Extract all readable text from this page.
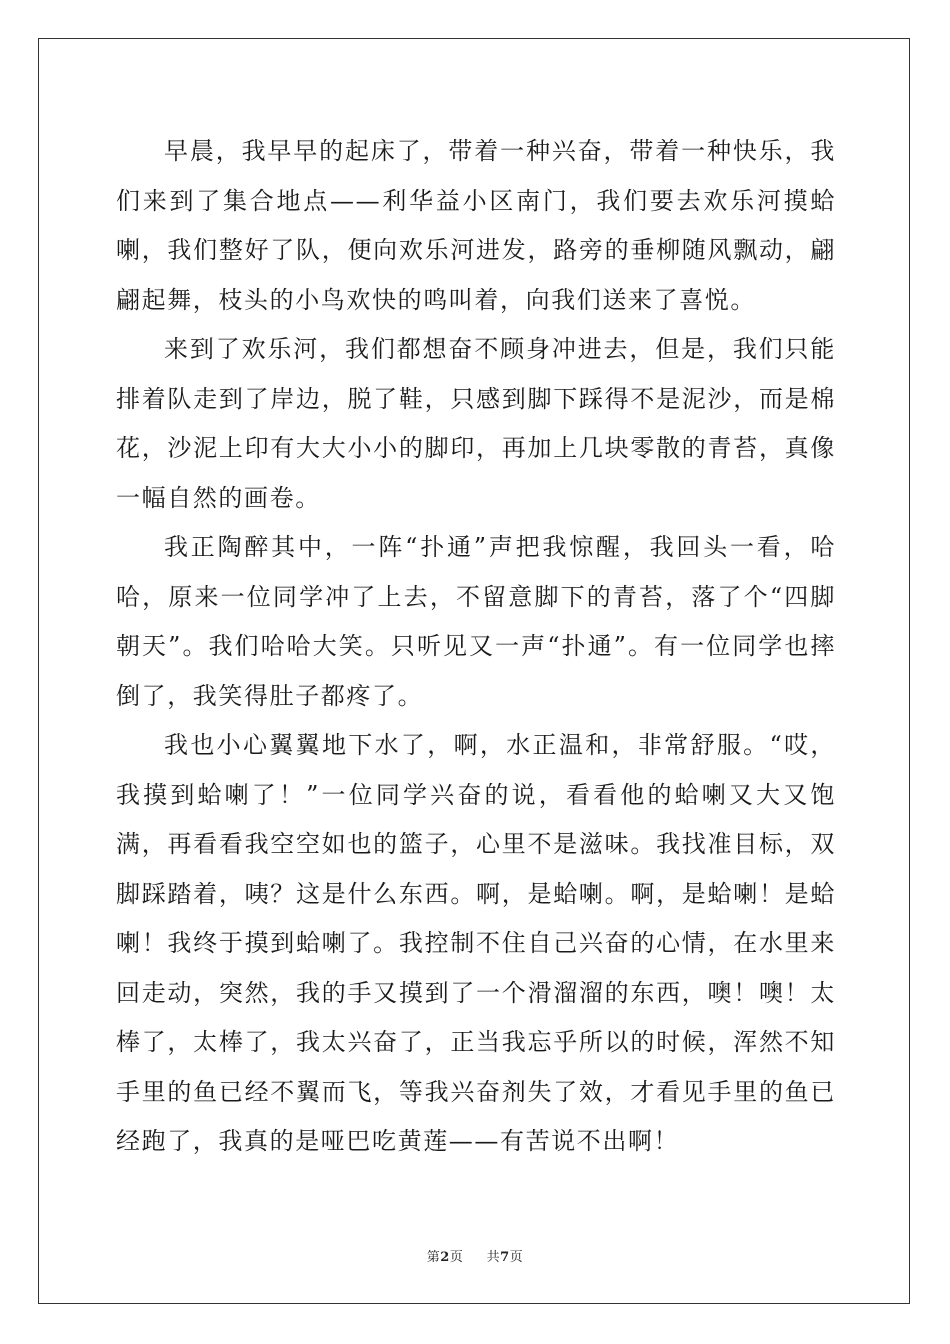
早晨，我早早的起床了，带着一种兴奋，带着一种快乐，我们来到了集合地点——利华益小区南门，我们要去欢乐河摸蛤喇，我们整好了队，便向欢乐河进发，路旁的垂柳随风飘动，翩翩起舞，枝头的小鸟欢快的鸣叫着，向我们送来了喜悦。

来到了欢乐河，我们都想奋不顾身冲进去，但是，我们只能排着队走到了岸边，脱了鞋，只感到脚下踩得不是泥沙，而是棉花，沙泥上印有大大小小的脚印，再加上几块零散的青苔，真像一幅自然的画卷。

我正陶醉其中，一阵“扑通”声把我惊醒，我回头一看，哈哈，原来一位同学冲了上去，不留意脚下的青苔，落了个“四脚朝天”。我们哈哈大笑。只听见又一声“扑通”。有一位同学也摔倒了，我笑得肚子都疼了。

我也小心翼翼地下水了，啊，水正温和，非常舒服。“哎，我摸到蛤喇了！”一位同学兴奋的说，看看他的蛤喇又大又饱满，再看看我空空如也的篮子，心里不是滋味。我找准目标，双脚踩踏着，咦？这是什么东西。啊，是蛤喇。啊，是蛤喇！是蛤喇！我终于摸到蛤喇了。我控制不住自己兴奋的心情，在水里来回走动，突然，我的手又摸到了一个滑溜溜的东西，噢！噢！太棒了，太棒了，我太兴奋了，正当我忘乎所以的时候，浑然不知手里的鱼已经不翼而飞，等我兴奋剂失了效，才看见手里的鱼已经跑了，我真的是哑巴吃黄莲——有苦说不出啊！

第2页 共7页
